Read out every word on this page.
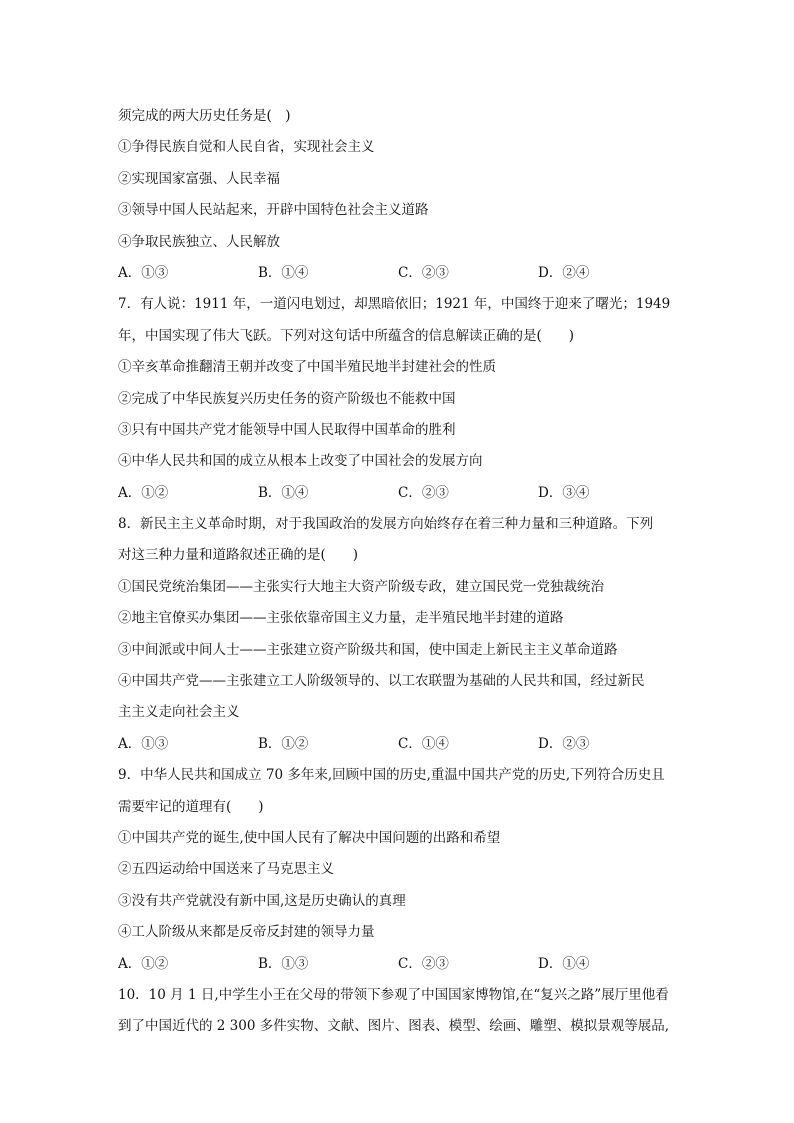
须完成的两大历史任务是(　)
①争得民族自觉和人民自省，实现社会主义
②实现国家富强、人民幸福
③领导中国人民站起来，开辟中国特色社会主义道路
④争取民族独立、人民解放
A．①③	B．①④	C．②③	D．②④
7．有人说：1911 年，一道闪电划过，却黑暗依旧；1921 年，中国终于迎来了曙光；1949
年，中国实现了伟大飞跃。下列对这句话中所蕴含的信息解读正确的是(　　)
①辛亥革命推翻清王朝并改变了中国半殖民地半封建社会的性质
②完成了中华民族复兴历史任务的资产阶级也不能救中国
③只有中国共产党才能领导中国人民取得中国革命的胜利
④中华人民共和国的成立从根本上改变了中国社会的发展方向
A．①②	B．①④	C．②③	D．③④
8．新民主主义革命时期，对于我国政治的发展方向始终存在着三种力量和三种道路。下列
对这三种力量和道路叙述正确的是(　　)
①国民党统治集团——主张实行大地主大资产阶级专政，建立国民党一党独裁统治
②地主官僚买办集团——主张依靠帝国主义力量，走半殖民地半封建的道路
③中间派或中间人士——主张建立资产阶级共和国，使中国走上新民主主义革命道路
④中国共产党——主张建立工人阶级领导的、以工农联盟为基础的人民共和国，经过新民
主主义走向社会主义
A．①③	B．①②	C．①④	D．②③
9．中华人民共和国成立 70 多年来,回顾中国的历史,重温中国共产党的历史,下列符合历史且
需要牢记的道理有(　　)
①中国共产党的诞生,使中国人民有了解决中国问题的出路和希望
②五四运动给中国送来了马克思主义
③没有共产党就没有新中国,这是历史确认的真理
④工人阶级从来都是反帝反封建的领导力量
A．①②	B．①③	C．②③	D．①④
10．10 月 1 日,中学生小王在父母的带领下参观了中国国家博物馆,在“复兴之路”展厅里他看
到了中国近代的 2 300 多件实物、文献、图片、图表、模型、绘画、雕塑、模拟景观等展品,
